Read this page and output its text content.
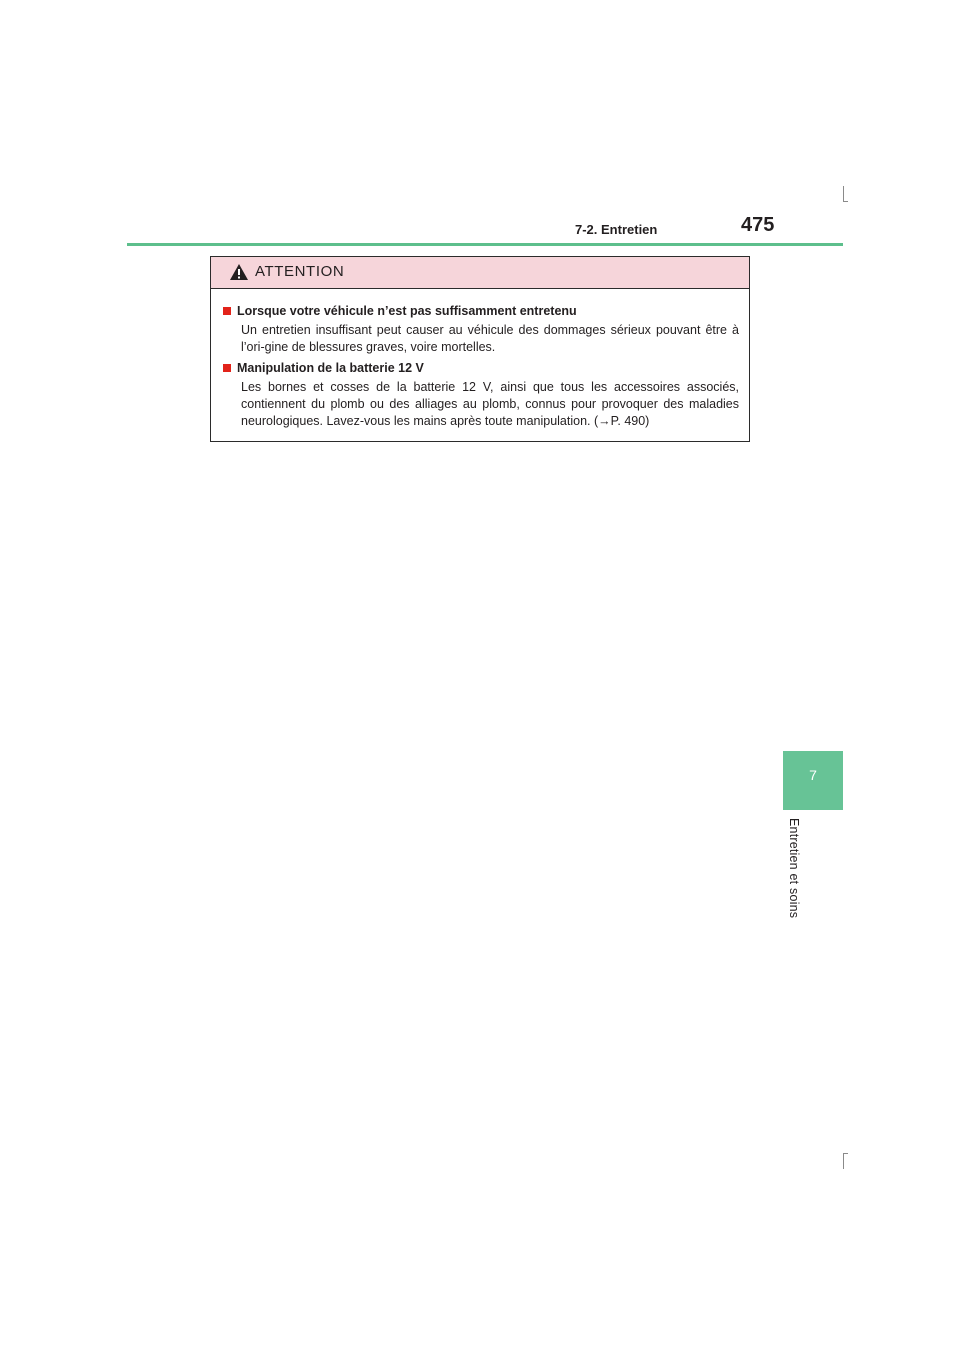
7-2. Entretien	475
ATTENTION
Lorsque votre véhicule n’est pas suffisamment entretenu
Un entretien insuffisant peut causer au véhicule des dommages sérieux pouvant être à l’ori-gine de blessures graves, voire mortelles.
Manipulation de la batterie 12 V
Les bornes et cosses de la batterie 12 V, ainsi que tous les accessoires associés, contiennent du plomb ou des alliages au plomb, connus pour provoquer des maladies neurologiques. Lavez-vous les mains après toute manipulation. (→P. 490)
7
Entretien et soins
